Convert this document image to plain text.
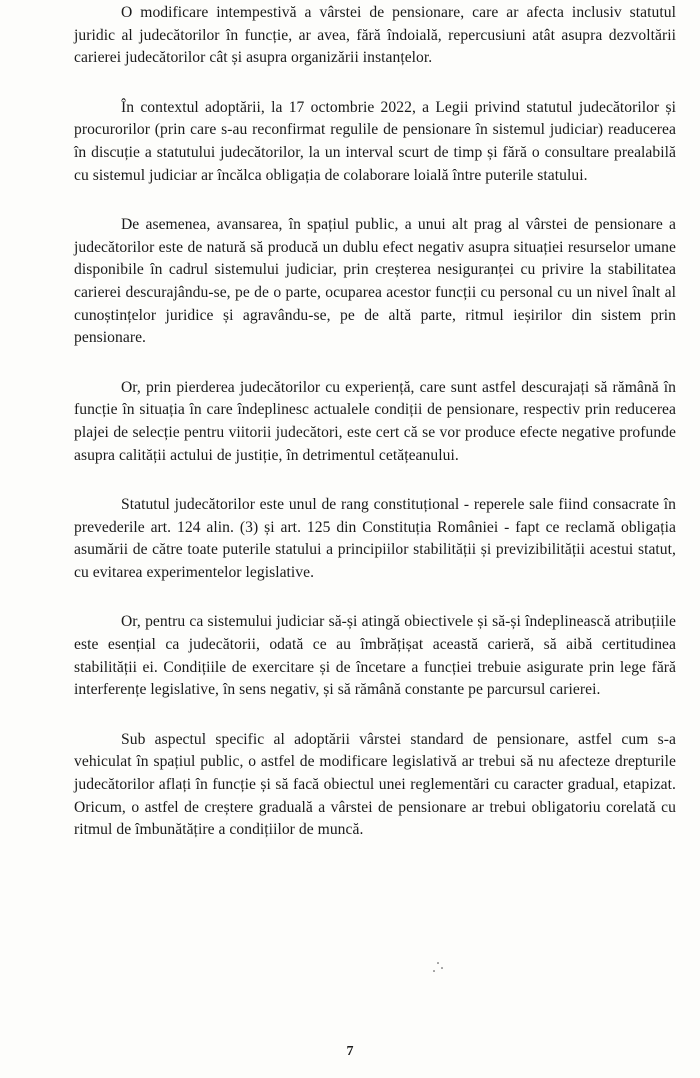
O modificare intempestivă a vârstei de pensionare, care ar afecta inclusiv statutul juridic al judecătorilor în funcție, ar avea, fără îndoială, repercusiuni atât asupra dezvoltării carierei judecătorilor cât și asupra organizării instanțelor.

În contextul adoptării, la 17 octombrie 2022, a Legii privind statutul judecătorilor și procurorilor (prin care s-au reconfirmat regulile de pensionare în sistemul judiciar) readucerea în discuție a statutului judecătorilor, la un interval scurt de timp și fără o consultare prealabilă cu sistemul judiciar ar încălca obligația de colaborare loială între puterile statului.

De asemenea, avansarea, în spațiul public, a unui alt prag al vârstei de pensionare a judecătorilor este de natură să producă un dublu efect negativ asupra situației resurselor umane disponibile în cadrul sistemului judiciar, prin creșterea nesiguranței cu privire la stabilitatea carierei descurajându-se, pe de o parte, ocuparea acestor funcții cu personal cu un nivel înalt al cunoștințelor juridice și agravându-se, pe de altă parte, ritmul ieșirilor din sistem prin pensionare.

Or, prin pierderea judecătorilor cu experiență, care sunt astfel descurajați să rămână în funcție în situația în care îndeplinesc actualele condiții de pensionare, respectiv prin reducerea plajei de selecție pentru viitorii judecători, este cert că se vor produce efecte negative profunde asupra calității actului de justiție, în detrimentul cetățeanului.

Statutul judecătorilor este unul de rang constituțional - reperele sale fiind consacrate în prevederile art. 124 alin. (3) și art. 125 din Constituția României - fapt ce reclamă obligația asumării de către toate puterile statului a principiilor stabilității și previzibilității acestui statut, cu evitarea experimentelor legislative.

Or, pentru ca sistemului judiciar să-și atingă obiectivele și să-și îndeplinească atribuțiile este esențial ca judecătorii, odată ce au îmbrățișat această carieră, să aibă certitudinea stabilității ei. Condițiile de exercitare și de încetare a funcției trebuie asigurate prin lege fără interferențe legislative, în sens negativ, și să rămână constante pe parcursul carierei.

Sub aspectul specific al adoptării vârstei standard de pensionare, astfel cum s-a vehiculat în spațiul public, o astfel de modificare legislativă ar trebui să nu afecteze drepturile judecătorilor aflați în funcție și să facă obiectul unei reglementări cu caracter gradual, etapizat. Oricum, o astfel de creștere graduală a vârstei de pensionare ar trebui obligatoriu corelată cu ritmul de îmbunătățire a condițiilor de muncă.

7
